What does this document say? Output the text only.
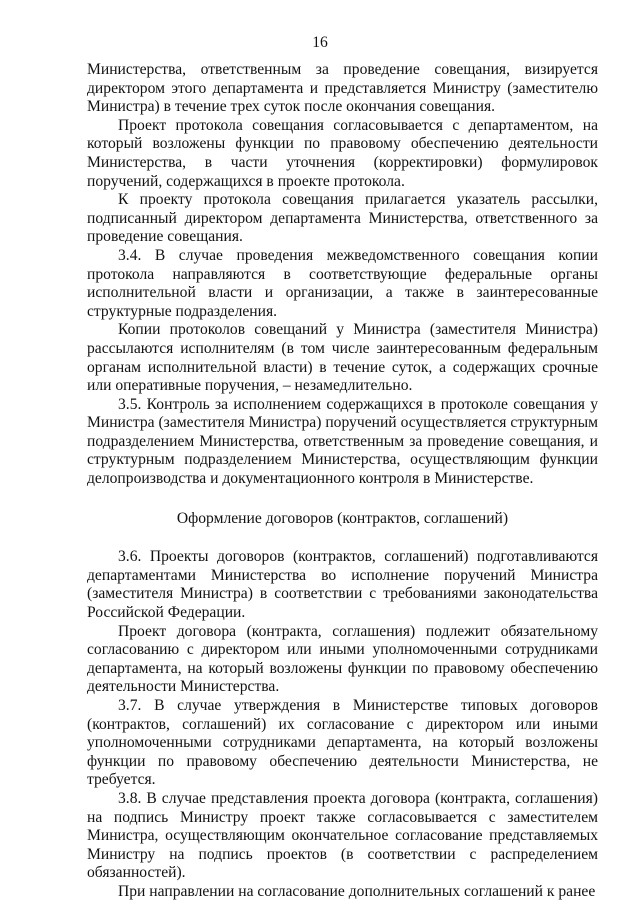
16

Министерства, ответственным за проведение совещания, визируется директором этого департамента и представляется Министру (заместителю Министра) в течение трех суток после окончания совещания.

Проект протокола совещания согласовывается с департаментом, на который возложены функции по правовому обеспечению деятельности Министерства, в части уточнения (корректировки) формулировок поручений, содержащихся в проекте протокола.

К проекту протокола совещания прилагается указатель рассылки, подписанный директором департамента Министерства, ответственного за проведение совещания.

3.4. В случае проведения межведомственного совещания копии протокола направляются в соответствующие федеральные органы исполнительной власти и организации, а также в заинтересованные структурные подразделения.

Копии протоколов совещаний у Министра (заместителя Министра) рассылаются исполнителям (в том числе заинтересованным федеральным органам исполнительной власти) в течение суток, а содержащих срочные или оперативные поручения, – незамедлительно.

3.5. Контроль за исполнением содержащихся в протоколе совещания у Министра (заместителя Министра) поручений осуществляется структурным подразделением Министерства, ответственным за проведение совещания, и структурным подразделением Министерства, осуществляющим функции делопроизводства и документационного контроля в Министерстве.

Оформление договоров (контрактов, соглашений)

3.6. Проекты договоров (контрактов, соглашений) подготавливаются департаментами Министерства во исполнение поручений Министра (заместителя Министра) в соответствии с требованиями законодательства Российской Федерации.

Проект договора (контракта, соглашения) подлежит обязательному согласованию с директором или иными уполномоченными сотрудниками департамента, на который возложены функции по правовому обеспечению деятельности Министерства.

3.7. В случае утверждения в Министерстве типовых договоров (контрактов, соглашений) их согласование с директором или иными уполномоченными сотрудниками департамента, на который возложены функции по правовому обеспечению деятельности Министерства, не требуется.

3.8. В случае представления проекта договора (контракта, соглашения) на подпись Министру проект также согласовывается с заместителем Министра, осуществляющим окончательное согласование представляемых Министру на подпись проектов (в соответствии с распределением обязанностей).

При направлении на согласование дополнительных соглашений к ранее
